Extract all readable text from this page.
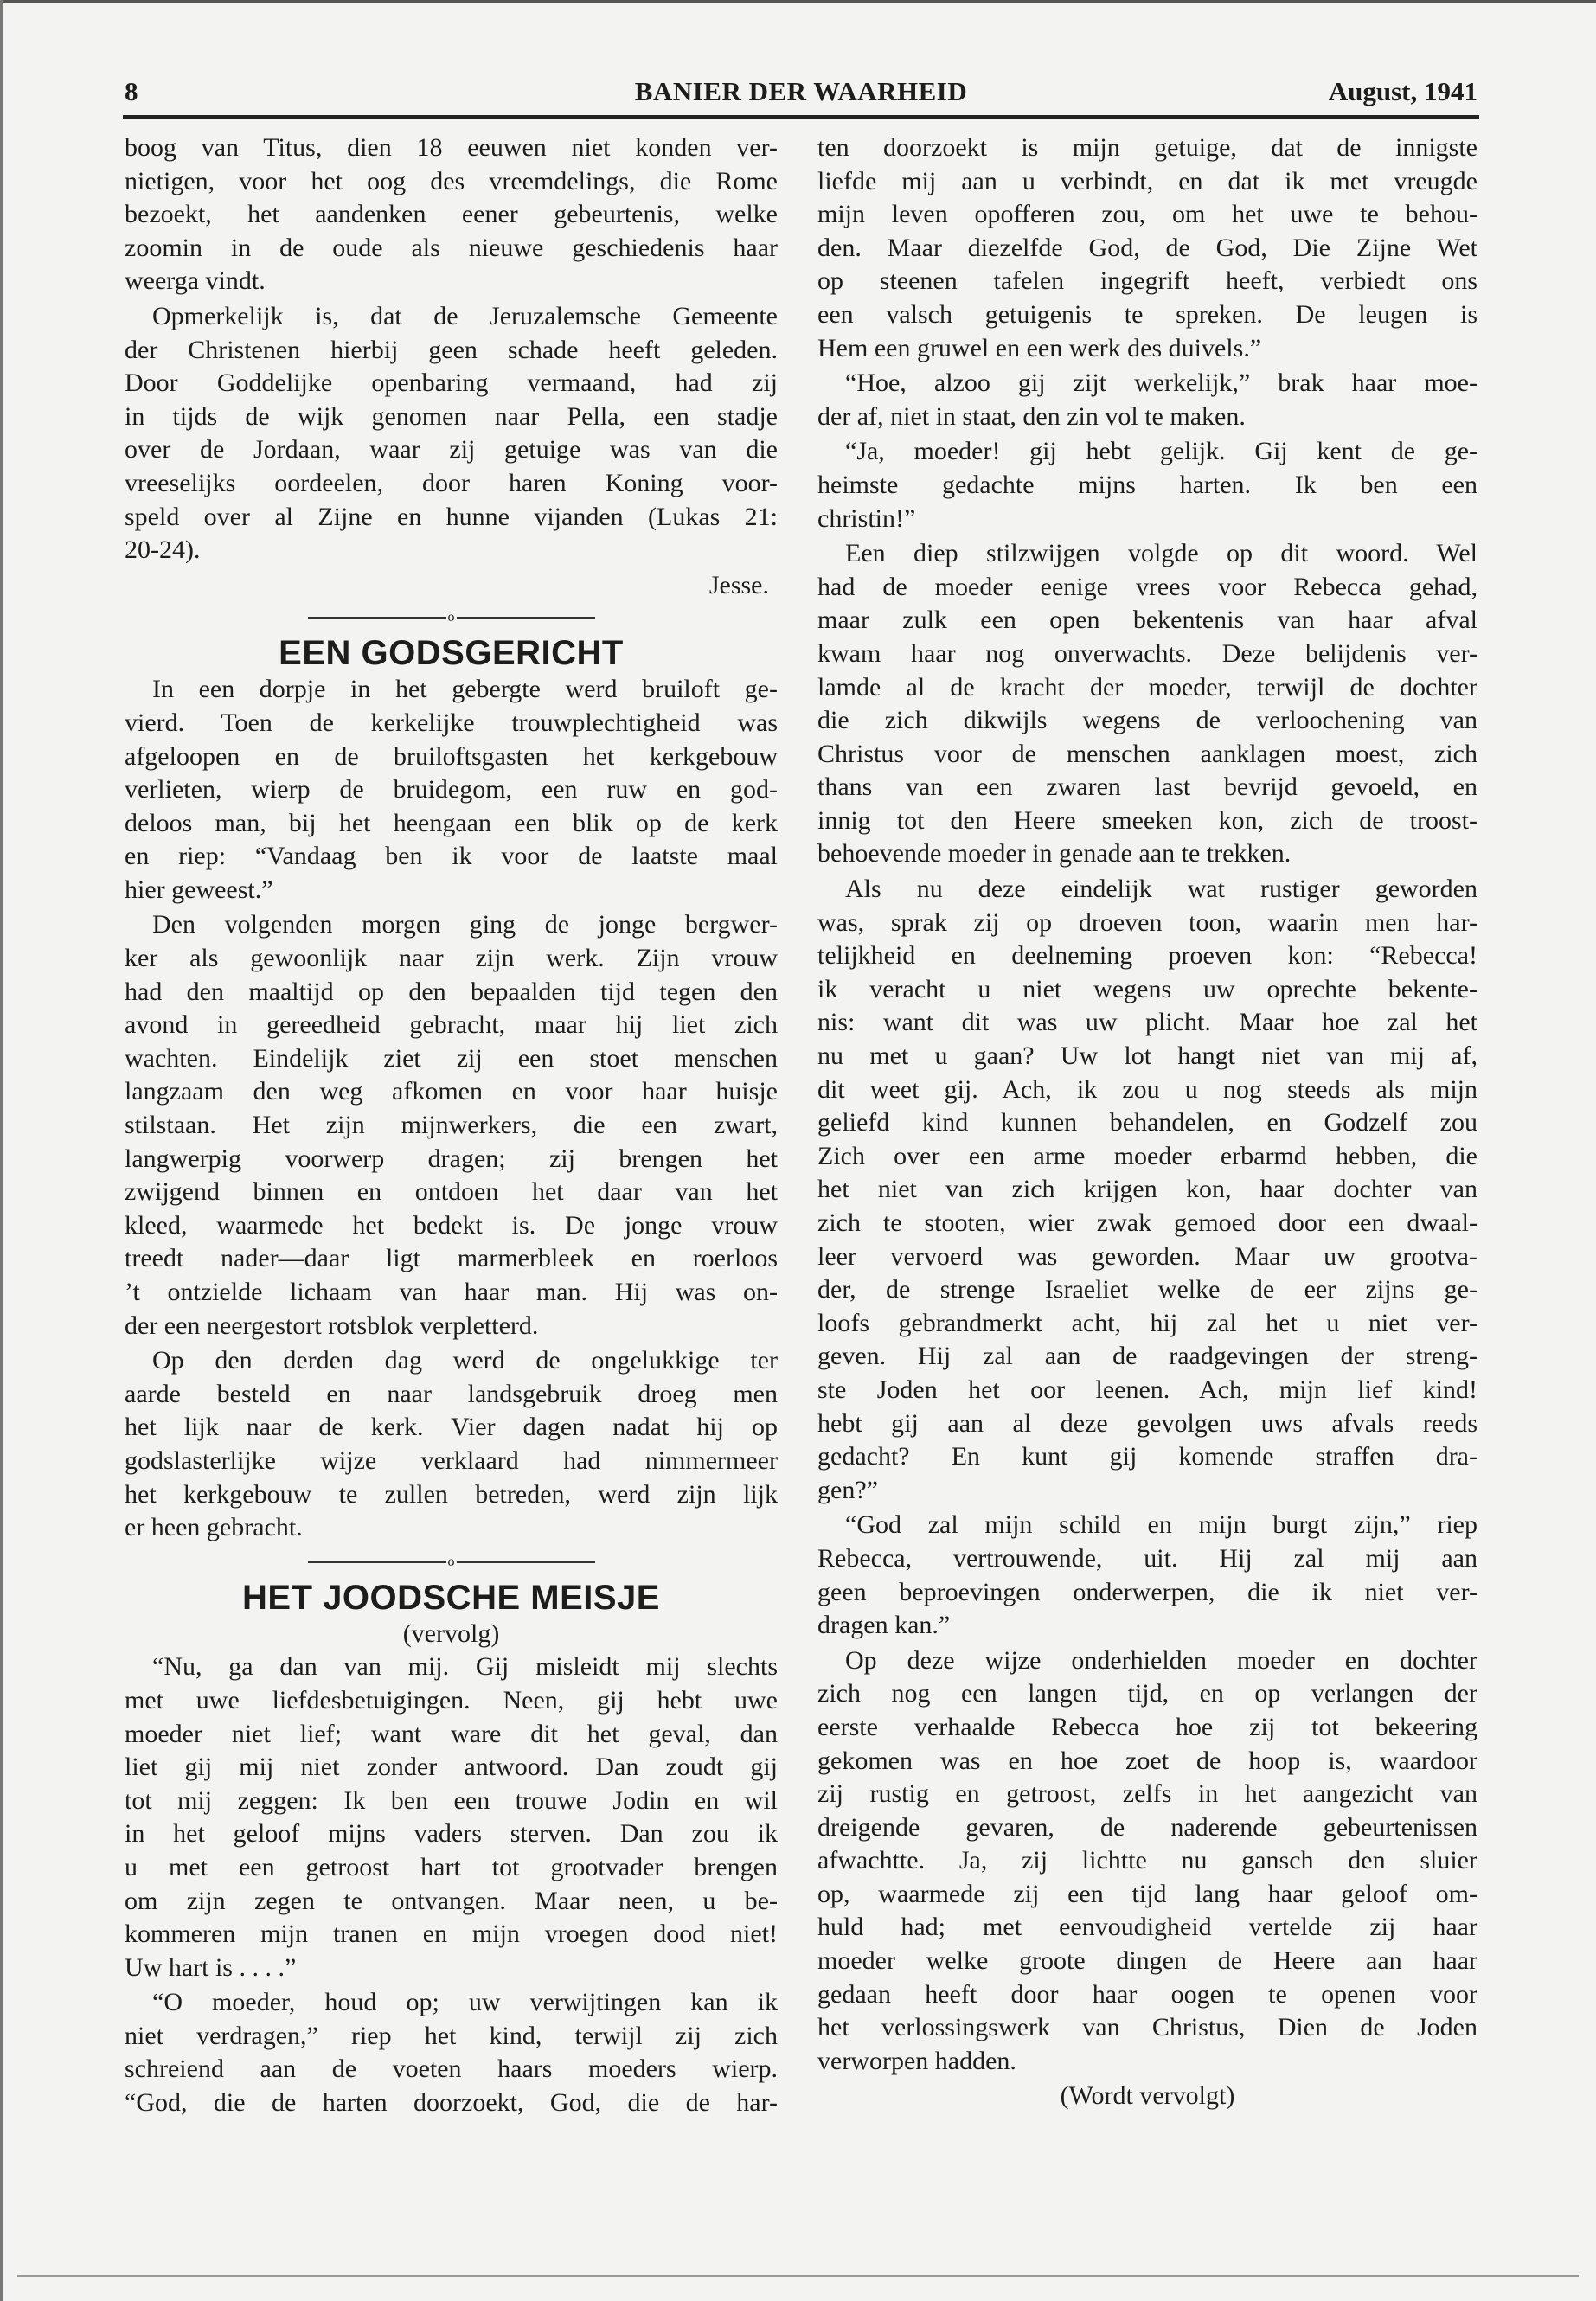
8	BANIER DER WAARHEID	August, 1941
boog van Titus, dien 18 eeuwen niet konden ver-
nietigen, voor het oog des vreemdelings, die Rome
bezoekt, het aandenken eener gebeurtenis, welke
zoomin in de oude als nieuwe geschiedenis haar
weerga vindt.
Opmerkelijk is, dat de Jeruzalemsche Gemeente
der Christenen hierbij geen schade heeft geleden.
Door Goddelijke openbaring vermaand, had zij
in tijds de wijk genomen naar Pella, een stadje
over de Jordaan, waar zij getuige was van die
vreeselijks oordeelen, door haren Koning voor-
speld over al Zijne en hunne vijanden (Lukas 21:
20-24).
Jesse.
o
EEN GODSGERICHT
In een dorpje in het gebergte werd bruiloft ge-
vierd. Toen de kerkelijke trouwplechtigheid was
afgeloopen en de bruiloftsgasten het kerkgebouw
verlieten, wierp de bruidegom, een ruw en god-
deloos man, bij het heengaan een blik op de kerk
en riep: “Vandaag ben ik voor de laatste maal
hier geweest.”
Den volgenden morgen ging de jonge bergwer-
ker als gewoonlijk naar zijn werk. Zijn vrouw
had den maaltijd op den bepaalden tijd tegen den
avond in gereedheid gebracht, maar hij liet zich
wachten. Eindelijk ziet zij een stoet menschen
langzaam den weg afkomen en voor haar huisje
stilstaan. Het zijn mijnwerkers, die een zwart,
langwerpig voorwerp dragen; zij brengen het
zwijgend binnen en ontdoen het daar van het
kleed, waarmede het bedekt is. De jonge vrouw
treedt nader—daar ligt marmerbleek en roerloos
’t ontzielde lichaam van haar man. Hij was on-
der een neergestort rotsblok verpletterd.
Op den derden dag werd de ongelukkige ter
aarde besteld en naar landsgebruik droeg men
het lijk naar de kerk. Vier dagen nadat hij op
godslasterlijke wijze verklaard had nimmermeer
het kerkgebouw te zullen betreden, werd zijn lijk
er heen gebracht.
o
HET JOODSCHE MEISJE
(vervolg)
“Nu, ga dan van mij. Gij misleidt mij slechts
met uwe liefdesbetuigingen. Neen, gij hebt uwe
moeder niet lief; want ware dit het geval, dan
liet gij mij niet zonder antwoord. Dan zoudt gij
tot mij zeggen: Ik ben een trouwe Jodin en wil
in het geloof mijns vaders sterven. Dan zou ik
u met een getroost hart tot grootvader brengen
om zijn zegen te ontvangen. Maar neen, u be-
kommeren mijn tranen en mijn vroegen dood niet!
Uw hart is . . . .”
“O moeder, houd op; uw verwijtingen kan ik
niet verdragen,” riep het kind, terwijl zij zich
schreiend aan de voeten haars moeders wierp.
“God, die de harten doorzoekt, God, die de har-
ten doorzoekt is mijn getuige, dat de innigste
liefde mij aan u verbindt, en dat ik met vreugde
mijn leven opofferen zou, om het uwe te behou-
den. Maar diezelfde God, de God, Die Zijne Wet
op steenen tafelen ingegrift heeft, verbiedt ons
een valsch getuigenis te spreken. De leugen is
Hem een gruwel en een werk des duivels.”
“Hoe, alzoo gij zijt werkelijk,” brak haar moe-
der af, niet in staat, den zin vol te maken.
“Ja, moeder! gij hebt gelijk. Gij kent de ge-
heimste gedachte mijns harten. Ik ben een
christin!”
Een diep stilzwijgen volgde op dit woord. Wel
had de moeder eenige vrees voor Rebecca gehad,
maar zulk een open bekentenis van haar afval
kwam haar nog onverwachts. Deze belijdenis ver-
lamde al de kracht der moeder, terwijl de dochter
die zich dikwijls wegens de verloochening van
Christus voor de menschen aanklagen moest, zich
thans van een zwaren last bevrijd gevoeld, en
innig tot den Heere smeeken kon, zich de troost-
behoevende moeder in genade aan te trekken.
Als nu deze eindelijk wat rustiger geworden
was, sprak zij op droeven toon, waarin men har-
telijkheid en deelneming proeven kon: “Rebecca!
ik veracht u niet wegens uw oprechte bekente-
nis: want dit was uw plicht. Maar hoe zal het
nu met u gaan? Uw lot hangt niet van mij af,
dit weet gij. Ach, ik zou u nog steeds als mijn
geliefd kind kunnen behandelen, en Godzelf zou
Zich over een arme moeder erbarmd hebben, die
het niet van zich krijgen kon, haar dochter van
zich te stooten, wier zwak gemoed door een dwaal-
leer vervoerd was geworden. Maar uw grootva-
der, de strenge Israeliet welke de eer zijns ge-
loofs gebrandmerkt acht, hij zal het u niet ver-
geven. Hij zal aan de raadgevingen der streng-
ste Joden het oor leenen. Ach, mijn lief kind!
hebt gij aan al deze gevolgen uws afvals reeds
gedacht? En kunt gij komende straffen dra-
gen?”
“God zal mijn schild en mijn burgt zijn,” riep
Rebecca, vertrouwende, uit. Hij zal mij aan
geen beproevingen onderwerpen, die ik niet ver-
dragen kan.”
Op deze wijze onderhielden moeder en dochter
zich nog een langen tijd, en op verlangen der
eerste verhaalde Rebecca hoe zij tot bekeering
gekomen was en hoe zoet de hoop is, waardoor
zij rustig en getroost, zelfs in het aangezicht van
dreigende gevaren, de naderende gebeurtenissen
afwachtte. Ja, zij lichtte nu gansch den sluier
op, waarmede zij een tijd lang haar geloof om-
huld had; met eenvoudigheid vertelde zij haar
moeder welke groote dingen de Heere aan haar
gedaan heeft door haar oogen te openen voor
het verlossingswerk van Christus, Dien de Joden
verworpen hadden.
(Wordt vervolgt)
